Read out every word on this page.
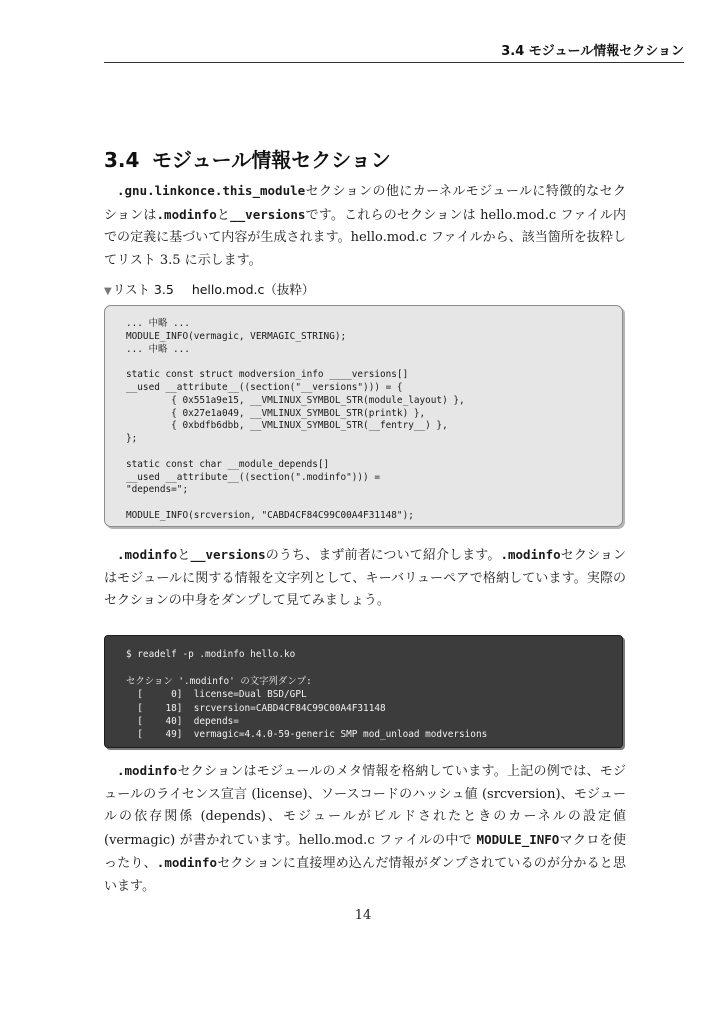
3.4 モジュール情報セクション
3.4 モジュール情報セクション
.gnu.linkonce.this_moduleセクションの他にカーネルモジュールに特徴的なセクションは.modinfoと__versionsです。これらのセクションは hello.mod.c ファイル内での定義に基づいて内容が生成されます。hello.mod.c ファイルから、該当箇所を抜粋してリスト 3.5 に示します。
▼リスト 3.5 hello.mod.c（抜粋）
... 中略 ...
MODULE_INFO(vermagic, VERMAGIC_STRING);
... 中略 ...

static const struct modversion_info ____versions[]
__used __attribute__((section("__versions"))) = {
{ 0x551a9e15, __VMLINUX_SYMBOL_STR(module_layout) },
{ 0x27e1a049, __VMLINUX_SYMBOL_STR(printk) },
{ 0xbdfb6dbb, __VMLINUX_SYMBOL_STR(__fentry__) },
};

static const char __module_depends[]
__used __attribute__((section(".modinfo"))) =
"depends=";

MODULE_INFO(srcversion, "CABD4CF84C99C00A4F31148");
.modinfoと__versionsのうち、まず前者について紹介します。.modinfoセクションはモジュールに関する情報を文字列として、キーバリューペアで格納しています。実際のセクションの中身をダンプして見てみましょう。
$ readelf -p .modinfo hello.ko

セクション '.modinfo' の文字列ダンプ:
[     0]  license=Dual BSD/GPL
[    18]  srcversion=CABD4CF84C99C00A4F31148
[    40]  depends=
[    49]  vermagic=4.4.0-59-generic SMP mod_unload modversions
.modinfoセクションはモジュールのメタ情報を格納しています。上記の例では、モジュールのライセンス宣言 (license)、ソースコードのハッシュ値 (srcversion)、モジュールの依存関係 (depends)、モジュールがビルドされたときのカーネルの設定値 (vermagic) が書かれています。hello.mod.c ファイルの中で MODULE_INFOマクロを使ったり、.modinfoセクションに直接埋め込んだ情報がダンプされているのが分かると思います。
14
